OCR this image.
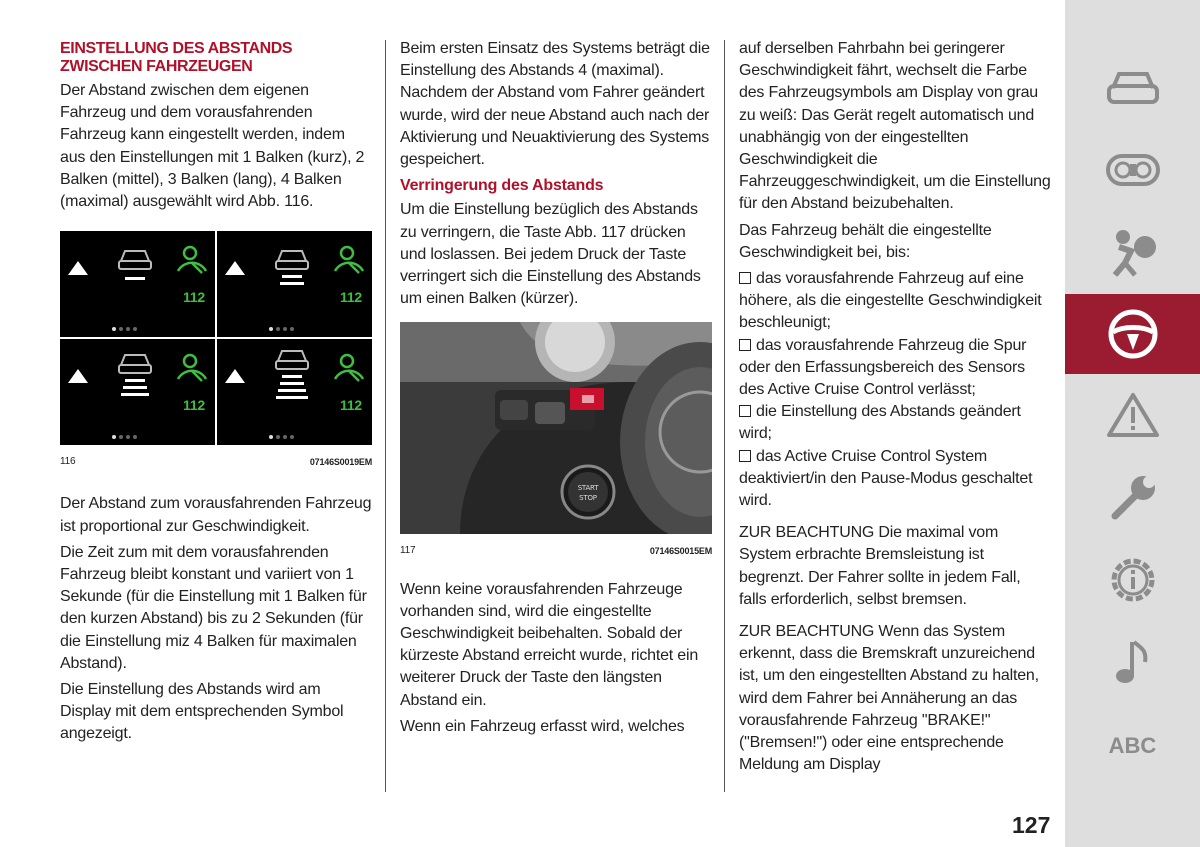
EINSTELLUNG DES ABSTANDS ZWISCHEN FAHRZEUGEN

Der Abstand zwischen dem eigenen Fahrzeug und dem vorausfahrenden Fahrzeug kann eingestellt werden, indem aus den Einstellungen mit 1 Balken (kurz), 2 Balken (mittel), 3 Balken (lang), 4 Balken (maximal) ausgewählt wird Abb. 116.

112	112
112	112
116	07146S0019EM

Der Abstand zum vorausfahrenden Fahrzeug ist proportional zur Geschwindigkeit.

Die Zeit zum mit dem vorausfahrenden Fahrzeug bleibt konstant und variiert von 1 Sekunde (für die Einstellung mit 1 Balken für den kurzen Abstand) bis zu 2 Sekunden (für die Einstellung miz 4 Balken für maximalen Abstand).

Die Einstellung des Abstands wird am Display mit dem entsprechenden Symbol angezeigt.

Beim ersten Einsatz des Systems beträgt die Einstellung des Abstands 4 (maximal). Nachdem der Abstand vom Fahrer geändert wurde, wird der neue Abstand auch nach der Aktivierung und Neuaktivierung des Systems gespeichert.

Verringerung des Abstands

Um die Einstellung bezüglich des Abstands zu verringern, die Taste Abb. 117 drücken und loslassen. Bei jedem Druck der Taste verringert sich die Einstellung des Abstands um einen Balken (kürzer).

START
STOP
117	07146S0015EM

Wenn keine vorausfahrenden Fahrzeuge vorhanden sind, wird die eingestellte Geschwindigkeit beibehalten. Sobald der kürzeste Abstand erreicht wurde, richtet ein weiterer Druck der Taste den längsten Abstand ein.

Wenn ein Fahrzeug erfasst wird, welches

auf derselben Fahrbahn bei geringerer Geschwindigkeit fährt, wechselt die Farbe des Fahrzeugsymbols am Display von grau zu weiß: Das Gerät regelt automatisch und unabhängig von der eingestellten Geschwindigkeit die Fahrzeuggeschwindigkeit, um die Einstellung für den Abstand beizubehalten.

Das Fahrzeug behält die eingestellte Geschwindigkeit bei, bis:

das vorausfahrende Fahrzeug auf eine höhere, als die eingestellte Geschwindigkeit beschleunigt;
das vorausfahrende Fahrzeug die Spur oder den Erfassungsbereich des Sensors des Active Cruise Control verlässt;
die Einstellung des Abstands geändert wird;
das Active Cruise Control System deaktiviert/in den Pause-Modus geschaltet wird.

ZUR BEACHTUNG Die maximal vom System erbrachte Bremsleistung ist begrenzt. Der Fahrer sollte in jedem Fall, falls erforderlich, selbst bremsen.

ZUR BEACHTUNG Wenn das System erkennt, dass die Bremskraft unzureichend ist, um den eingestellten Abstand zu halten, wird dem Fahrer bei Annäherung an das vorausfahrende Fahrzeug "BRAKE!" ("Bremsen!") oder eine entsprechende Meldung am Display

127
ABC
